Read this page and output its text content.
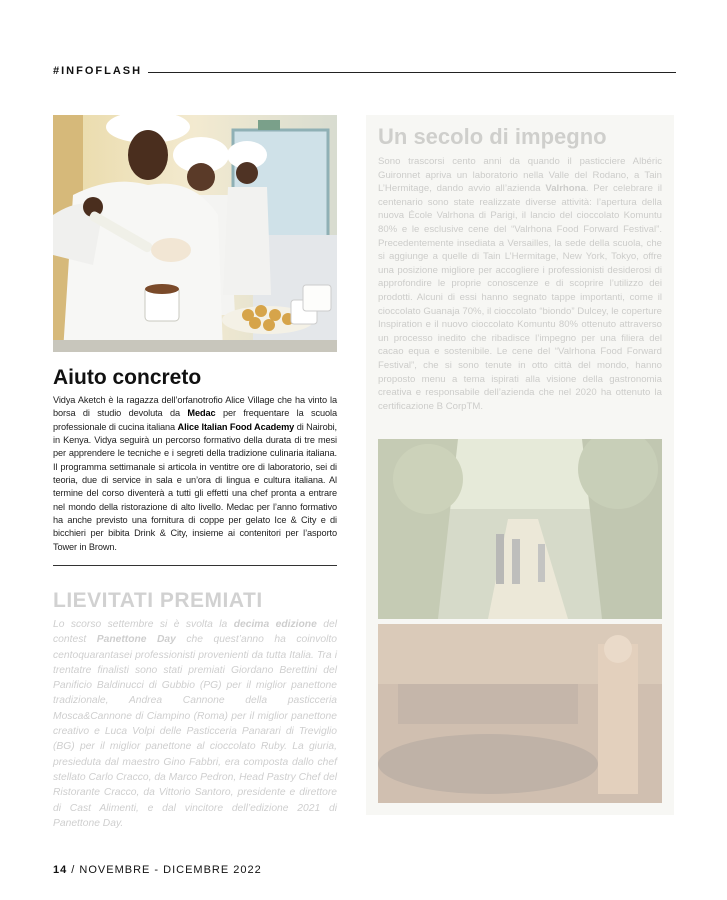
#INFOFLASH
Aiuto concreto
Vidya Aketch è la ragazza dell’orfanotrofio Alice Village che ha vinto la borsa di studio devoluta da Medac per frequentare la scuola professionale di cucina italiana Alice Italian Food Academy di Nairobi, in Kenya. Vidya seguirà un percorso formativo della durata di tre mesi per apprendere le tecniche e i segreti della tradizione culinaria italiana. Il programma settimanale si articola in ventitre ore di laboratorio, sei di teoria, due di service in sala e un’ora di lingua e cultura italiana. Al termine del corso diventerà a tutti gli effetti una chef pronta a entrare nel mondo della ristorazione di alto livello. Medac per l’anno formativo ha anche previsto una fornitura di coppe per gelato Ice & City e di bicchieri per bibita Drink & City, insieme ai contenitori per l’asporto Tower in Brown.
LIEVITATI PREMIATI
Lo scorso settembre si è svolta la decima edizione del contest Panettone Day che quest’anno ha coinvolto centoquarantasei professionisti provenienti da tutta Italia. Tra i trentatre finalisti sono stati premiati Giordano Berettini del Panificio Baldinucci di Gubbio (PG) per il miglior panettone tradizionale, Andrea Cannone della pasticceria Mosca&Cannone di Ciampino (Roma) per il miglior panettone creativo e Luca Volpi delle Pasticceria Panarari di Treviglio (BG) per il miglior panettone al cioccolato Ruby. La giuria, presieduta dal maestro Gino Fabbri, era composta dallo chef stellato Carlo Cracco, da Marco Pedron, Head Pastry Chef del Ristorante Cracco, da Vittorio Santoro, presidente e direttore di Cast Alimenti, e dal vincitore dell’edizione 2021 di Panettone Day.
Un secolo di impegno
Sono trascorsi cento anni da quando il pasticciere Albéric Guironnet apriva un laboratorio nella Valle del Rodano, a Tain L’Hermitage, dando avvio all’azienda Valrhona. Per celebrare il centenario sono state realizzate diverse attività: l’apertura della nuova École Valrhona di Parigi, il lancio del cioccolato Komuntu 80% e le esclusive cene del “Valrhona Food Forward Festival”. Precedentemente insediata a Versailles, la sede della scuola, che si aggiunge a quelle di Tain L’Hermitage, New York, Tokyo, offre una posizione migliore per accogliere i professionisti desiderosi di approfondire le proprie conoscenze e di scoprire l’utilizzo dei prodotti. Alcuni di essi hanno segnato tappe importanti, come il cioccolato Guanaja 70%, il cioccolato “biondo” Dulcey, le coperture Inspiration e il nuovo cioccolato Komuntu 80% ottenuto attraverso un processo inedito che ribadisce l’impegno per una filiera del cacao equa e sostenibile. Le cene del “Valrhona Food Forward Festival”, che si sono tenute in otto città del mondo, hanno proposto menu a tema ispirati alla visione della gastronomia creativa e responsabile dell’azienda che nel 2020 ha ottenuto la certificazione B CorpTM.
14 / NOVEMBRE - DICEMBRE 2022
